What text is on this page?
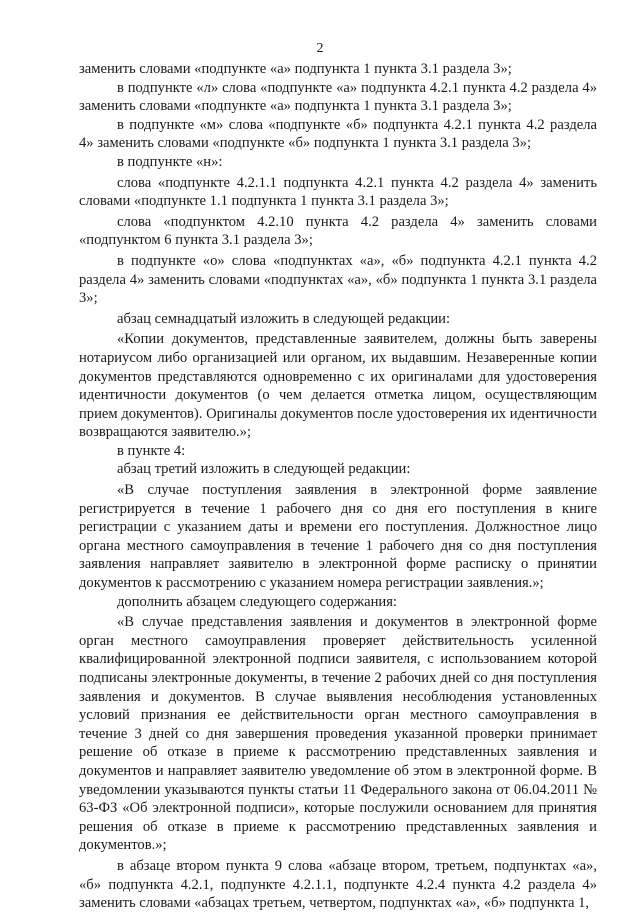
2

заменить словами «подпункте «а» подпункта 1 пункта 3.1 раздела 3»;

в подпункте «л» слова «подпункте «а» подпункта 4.2.1 пункта 4.2 раздела 4» заменить словами «подпункте «а» подпункта 1 пункта 3.1 раздела 3»;

в подпункте «м» слова «подпункте «б» подпункта 4.2.1 пункта 4.2 раздела 4» заменить словами «подпункте «б» подпункта 1 пункта 3.1 раздела 3»;

в подпункте «н»:

слова «подпункте 4.2.1.1 подпункта 4.2.1 пункта 4.2 раздела 4» заменить словами «подпункте 1.1 подпункта 1 пункта 3.1 раздела 3»;

слова «подпунктом 4.2.10 пункта 4.2 раздела 4» заменить словами «подпунктом 6 пункта 3.1 раздела 3»;

в подпункте «о» слова «подпунктах «а», «б» подпункта 4.2.1 пункта 4.2 раздела 4» заменить словами «подпунктах «а», «б» подпункта 1 пункта 3.1 раздела 3»;

абзац семнадцатый изложить в следующей редакции:

«Копии документов, представленные заявителем, должны быть заверены нотариусом либо организацией или органом, их выдавшим. Незаверенные копии документов представляются одновременно с их оригиналами для удостоверения идентичности документов (о чем делается отметка лицом, осуществляющим прием документов). Оригиналы документов после удостоверения их идентичности возвращаются заявителю.»;

в пункте 4:

абзац третий изложить в следующей редакции:

«В случае поступления заявления в электронной форме заявление регистрируется в течение 1 рабочего дня со дня его поступления в книге регистрации с указанием даты и времени его поступления. Должностное лицо органа местного самоуправления в течение 1 рабочего дня со дня поступления заявления направляет заявителю в электронной форме расписку о принятии документов к рассмотрению с указанием номера регистрации заявления.»;

дополнить абзацем следующего содержания:

«В случае представления заявления и документов в электронной форме орган местного самоуправления проверяет действительность усиленной квалифицированной электронной подписи заявителя, с использованием которой подписаны электронные документы, в течение 2 рабочих дней со дня поступления заявления и документов. В случае выявления несоблюдения установленных условий признания ее действительности орган местного самоуправления в течение 3 дней со дня завершения проведения указанной проверки принимает решение об отказе в приеме к рассмотрению представленных заявления и документов и направляет заявителю уведомление об этом в электронной форме. В уведомлении указываются пункты статьи 11 Федерального закона от 06.04.2011 № 63-ФЗ «Об электронной подписи», которые послужили основанием для принятия решения об отказе в приеме к рассмотрению представленных заявления и документов.»;

в абзаце втором пункта 9 слова «абзаце втором, третьем, подпунктах «а», «б» подпункта 4.2.1, подпункте 4.2.1.1, подпункте 4.2.4 пункта 4.2 раздела 4» заменить словами «абзацах третьем, четвертом, подпунктах «а», «б» подпункта 1,
